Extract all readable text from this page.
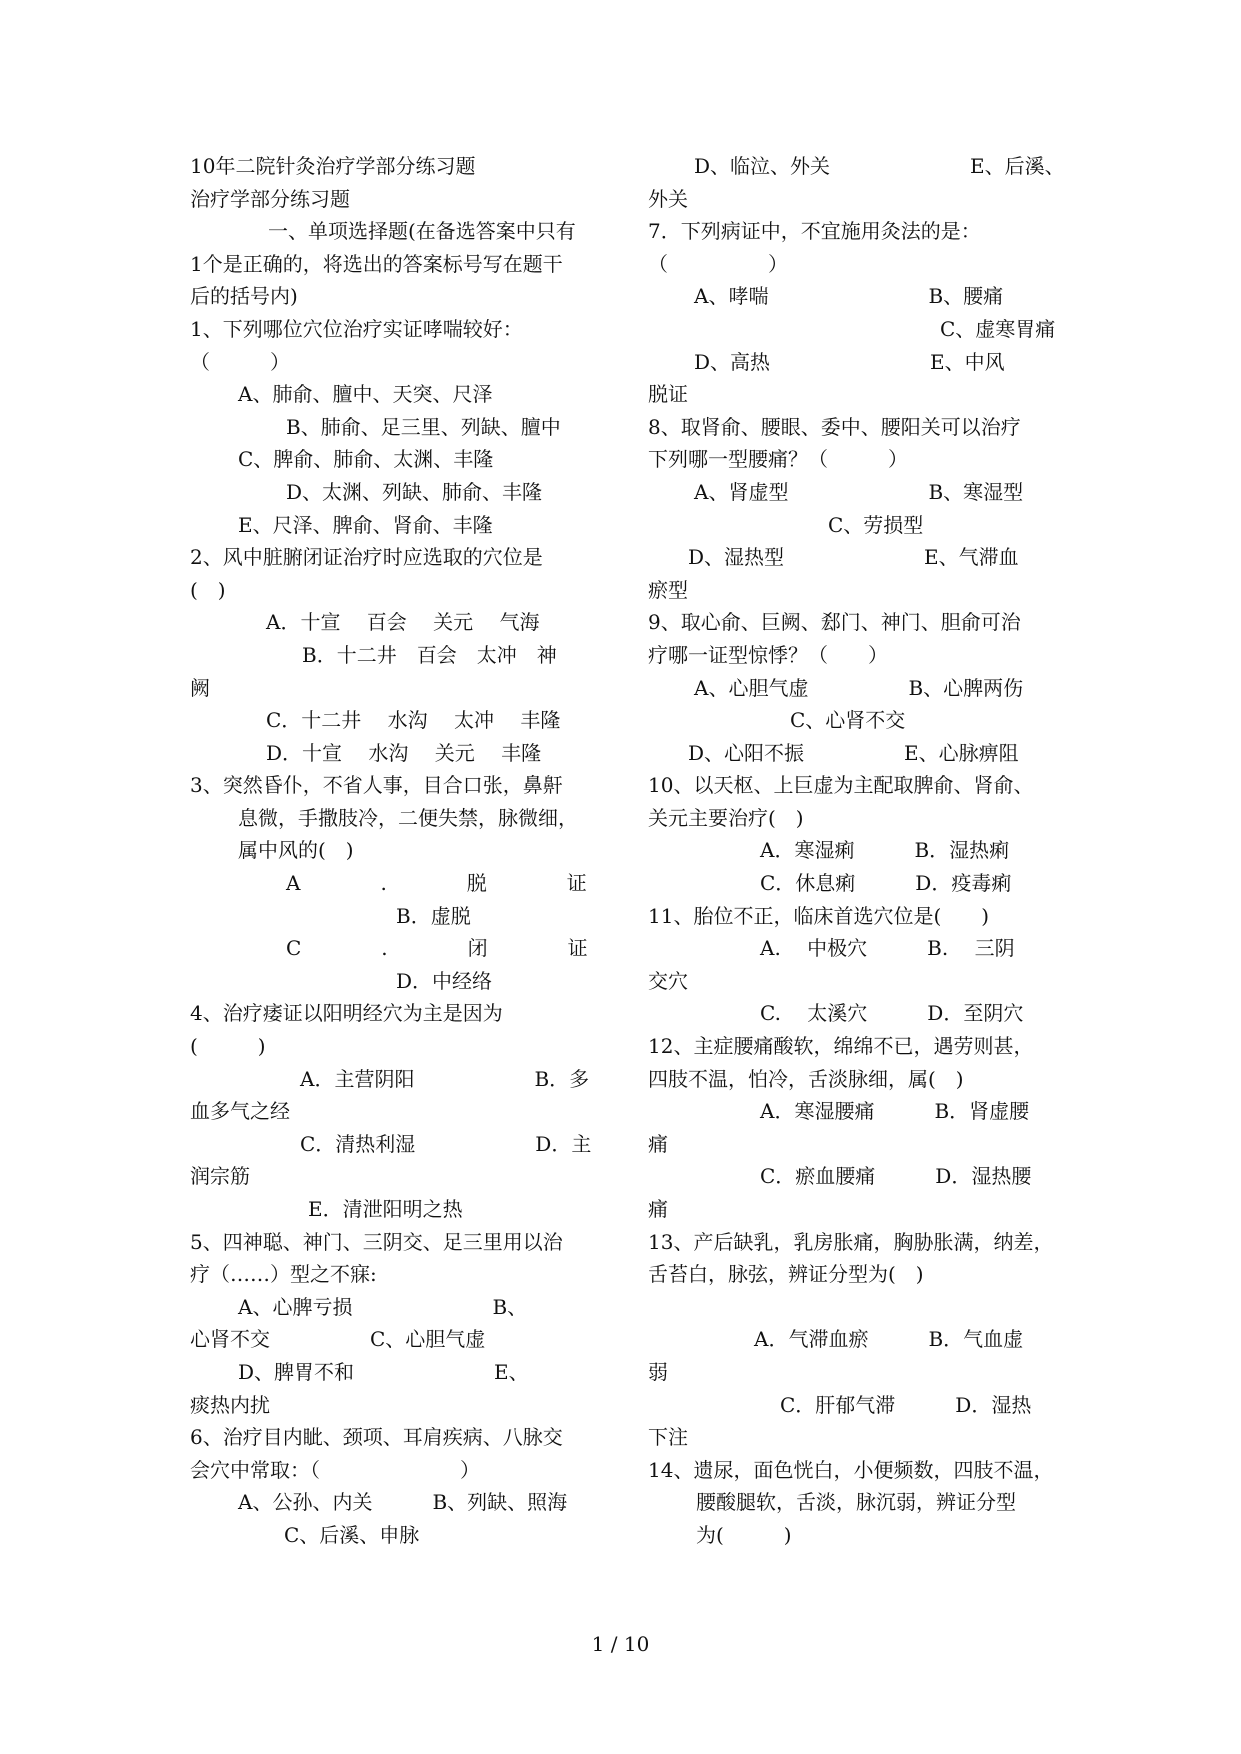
10年二院针灸治疗学部分练习题
治疗学部分练习题
一、单项选择题(在备选答案中只有
1个是正确的，将选出的答案标号写在题干
后的括号内)
1、下列哪位穴位治疗实证哮喘较好：
（　　　）
A、肺俞、膻中、天突、尺泽
B、肺俞、足三里、列缺、膻中
C、脾俞、肺俞、太渊、丰隆
D、太渊、列缺、肺俞、丰隆
E、尺泽、脾俞、肾俞、丰隆
2、风中脏腑闭证治疗时应选取的穴位是
(　)
A．十宣　 百会　 关元　 气海
B．十二井　百会　太冲　神
阙
C．十二井　 水沟　 太冲　 丰隆
D．十宣　 水沟　 关元　 丰隆
3、突然昏仆，不省人事，目合口张，鼻鼾
息微，手撒肢冷，二便失禁，脉微细，
属中风的(　)
A　　　　.　　　　脱　　　　证
B．虚脱
C　　　　.　　　　闭　　　　证
D．中经络
4、治疗痿证以阳明经穴为主是因为
(　　　)
A．主营阴阳　　　　　　B．多
血多气之经
C．清热利湿　　　　　　D．主
润宗筋
E．清泄阳明之热
5、四神聪、神门、三阴交、足三里用以治
疗（……）型之不寐:
A、心脾亏损　　　　　　　B、
心肾不交　　　　　C、心胆气虚
D、脾胃不和　　　　　　　E、
痰热内扰
6、治疗目内眦、颈项、耳肩疾病、八脉交
会穴中常取：（　　　　　　　）
A、公孙、内关　　　B、列缺、照海
C、后溪、申脉
D、临泣、外关　　　　　　　E、后溪、
外关
7．下列病证中，不宜施用灸法的是：
（　　　　　）
A、哮喘　　　　　　　　B、腰痛
C、虚寒胃痛
D、高热　　　　　　　　E、中风
脱证
8、取肾俞、腰眼、委中、腰阳关可以治疗
下列哪一型腰痛？（　　　）
A、肾虚型　　　　　　　B、寒湿型
C、劳损型
D、湿热型　　　　　　　E、气滞血
瘀型
9、取心俞、巨阙、郄门、神门、胆俞可治
疗哪一证型惊悸？（　　）
A、心胆气虚　　　　　B、心脾两伤
C、心肾不交
D、心阳不振　　　　　E、心脉痹阻
10、以天枢、上巨虚为主配取脾俞、肾俞、
关元主要治疗(　)
A．寒湿痢　　　B．湿热痢
C．休息痢　　　D．疫毒痢
11、胎位不正，临床首选穴位是(　　)
A.　 中极穴　　　B.　 三阴
交穴
C.　 太溪穴　　　D．至阴穴
12、主症腰痛酸软，绵绵不已，遇劳则甚，
四肢不温，怕冷，舌淡脉细，属(　)
A．寒湿腰痛　　　B．肾虚腰
痛
C．瘀血腰痛　　　D．湿热腰
痛
13、产后缺乳，乳房胀痛，胸胁胀满，纳差，
舌苔白，脉弦，辨证分型为(　)
A．气滞血瘀　　　B．气血虚
弱
C．肝郁气滞　　　D．湿热
下注
14、遗尿，面色恍白，小便频数，四肢不温，
腰酸腿软，舌淡，脉沉弱，辨证分型
为(　　　)
1 / 10
